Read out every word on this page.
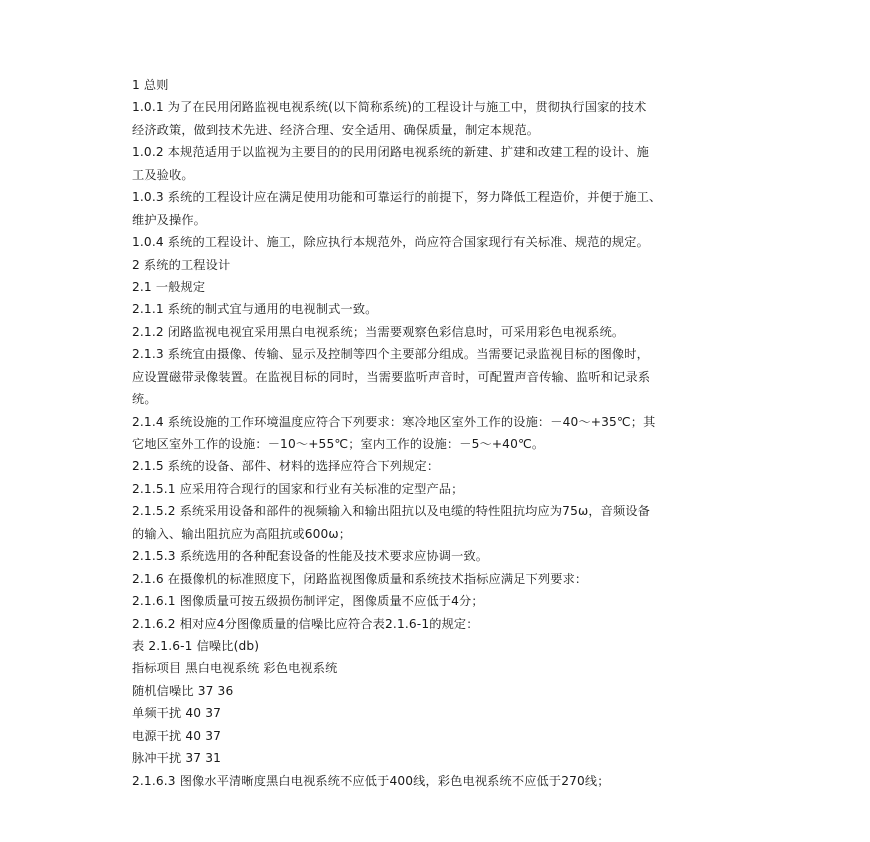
1 总则
1.0.1 为了在民用闭路监视电视系统(以下简称系统)的工程设计与施工中，贯彻执行国家的技术
经济政策，做到技术先进、经济合理、安全适用、确保质量，制定本规范。
1.0.2 本规范适用于以监视为主要目的的民用闭路电视系统的新建、扩建和改建工程的设计、施
工及验收。
1.0.3 系统的工程设计应在满足使用功能和可靠运行的前提下，努力降低工程造价，并便于施工、
维护及操作。
1.0.4 系统的工程设计、施工，除应执行本规范外，尚应符合国家现行有关标准、规范的规定。
2 系统的工程设计
2.1 一般规定
2.1.1 系统的制式宜与通用的电视制式一致。
2.1.2 闭路监视电视宜采用黑白电视系统；当需要观察色彩信息时，可采用彩色电视系统。
2.1.3 系统宜由摄像、传输、显示及控制等四个主要部分组成。当需要记录监视目标的图像时，
应设置磁带录像装置。在监视目标的同时，当需要监听声音时，可配置声音传输、监听和记录系
统。
2.1.4 系统设施的工作环境温度应符合下列要求：寒冷地区室外工作的设施：－40～+35℃；其
它地区室外工作的设施：－10～+55℃；室内工作的设施：－5～+40℃。
2.1.5 系统的设备、部件、材料的选择应符合下列规定：
2.1.5.1 应采用符合现行的国家和行业有关标准的定型产品；
2.1.5.2 系统采用设备和部件的视频输入和输出阻抗以及电缆的特性阻抗均应为75ω，音频设备
的输入、输出阻抗应为高阻抗或600ω；
2.1.5.3 系统选用的各种配套设备的性能及技术要求应协调一致。
2.1.6 在摄像机的标准照度下，闭路监视图像质量和系统技术指标应满足下列要求：
2.1.6.1 图像质量可按五级损伤制评定，图像质量不应低于4分；
2.1.6.2 相对应4分图像质量的信噪比应符合表2.1.6-1的规定：
表 2.1.6-1 信噪比(db)
指标项目 黑白电视系统 彩色电视系统
随机信噪比 37 36
单频干扰 40 37
电源干扰 40 37
脉冲干扰 37 31
2.1.6.3 图像水平清晰度黑白电视系统不应低于400线，彩色电视系统不应低于270线；
